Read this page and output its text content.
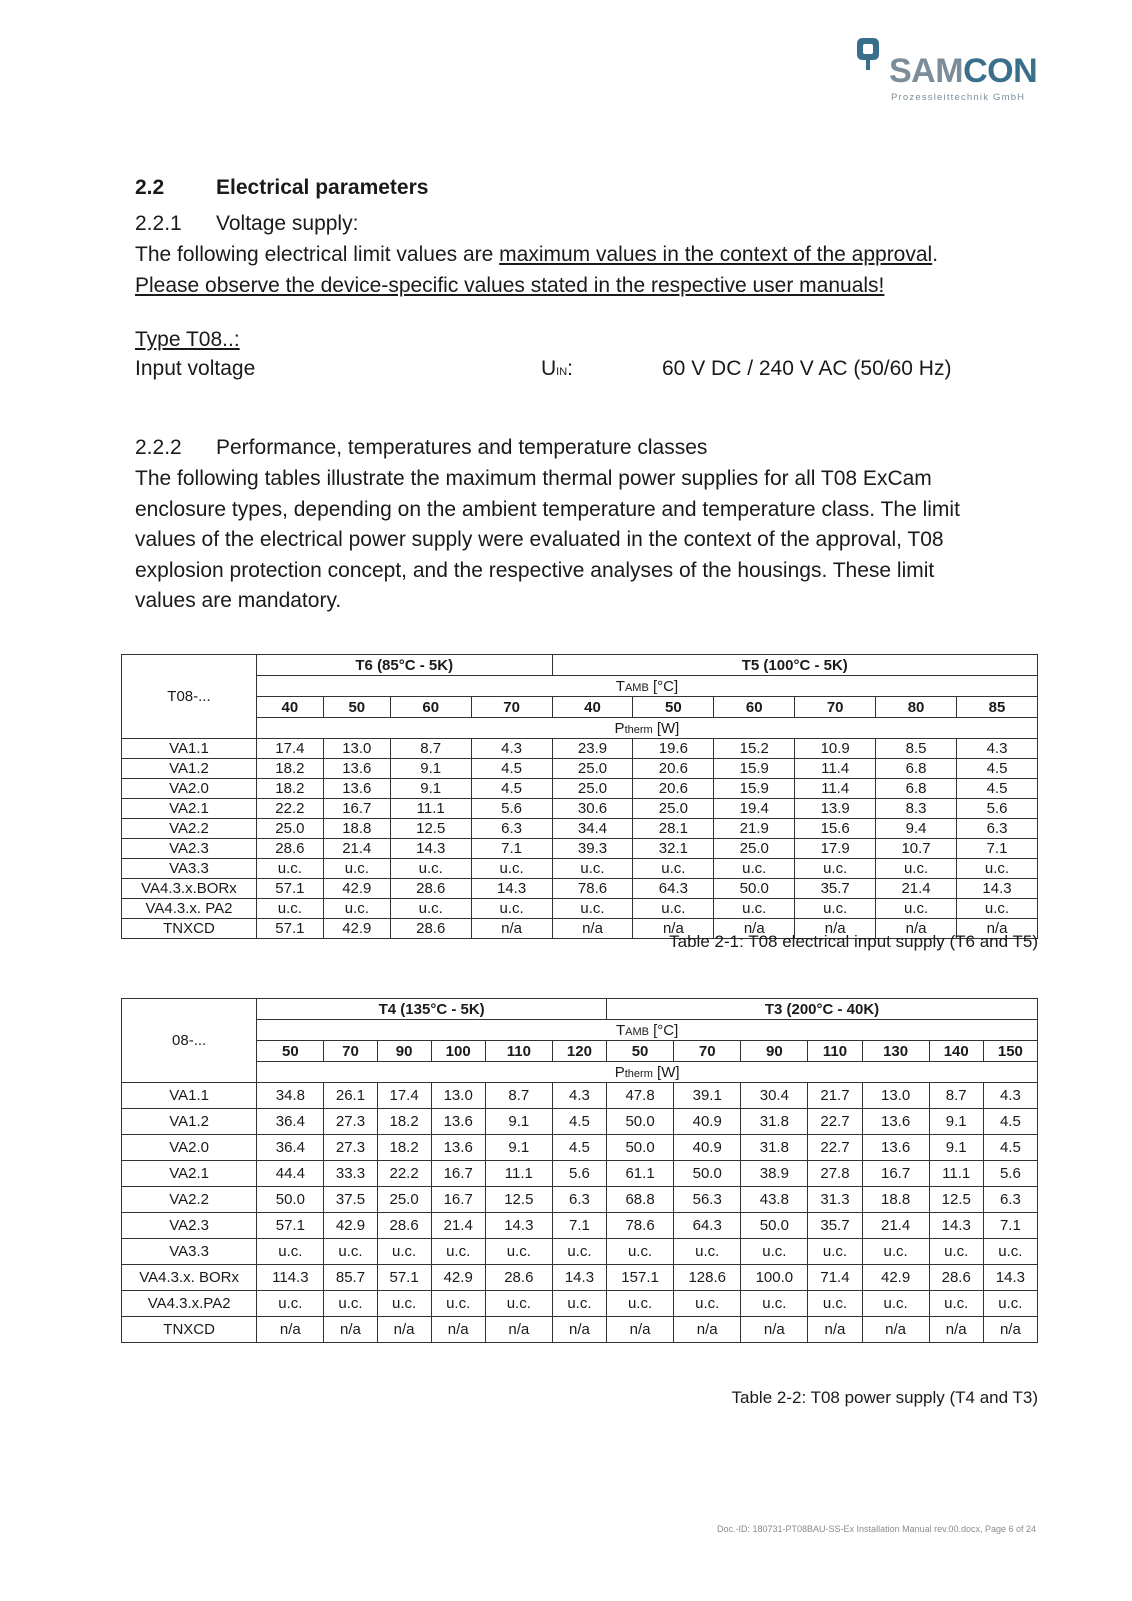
SAMCON
Prozessleittechnik GmbH
2.2 Electrical parameters
2.2.1 Voltage supply:
The following electrical limit values are maximum values in the context of the approval.
Please observe the device-specific values stated in the respective user manuals!
Type T08..:
Input voltage	UIN:	60 V DC / 240 V AC (50/60 Hz)
2.2.2 Performance, temperatures and temperature classes
The following tables illustrate the maximum thermal power supplies for all T08 ExCam
enclosure types, depending on the ambient temperature and temperature class. The limit
values of the electrical power supply were evaluated in the context of the approval, T08
explosion protection concept, and the respective analyses of the housings. These limit
values are mandatory.
T08-...	T6 (85°C - 5K)				T5 (100°C - 5K)					
	TAMB [°C]									
	40	50	60	70	40	50	60	70	80	85
	Ptherm [W]									

VA1.1	17.4	13.0	8.7	4.3	23.9	19.6	15.2	10.9	8.5	4.3
VA1.2	18.2	13.6	9.1	4.5	25.0	20.6	15.9	11.4	6.8	4.5
VA2.0	18.2	13.6	9.1	4.5	25.0	20.6	15.9	11.4	6.8	4.5
VA2.1	22.2	16.7	11.1	5.6	30.6	25.0	19.4	13.9	8.3	5.6
VA2.2	25.0	18.8	12.5	6.3	34.4	28.1	21.9	15.6	9.4	6.3
VA2.3	28.6	21.4	14.3	7.1	39.3	32.1	25.0	17.9	10.7	7.1
VA3.3	u.c.	u.c.	u.c.	u.c.	u.c.	u.c.	u.c.	u.c.	u.c.	u.c.
VA4.3.x.BORx	57.1	42.9	28.6	14.3	78.6	64.3	50.0	35.7	21.4	14.3
VA4.3.x. PA2	u.c.	u.c.	u.c.	u.c.	u.c.	u.c.	u.c.	u.c.	u.c.	u.c.
TNXCD	57.1	42.9	28.6	n/a	n/a	n/a	n/a	n/a	n/a	n/a
Table 2-1: T08 electrical input supply (T6 and T5)
08-...	T4 (135°C - 5K)						T3 (200°C - 40K)						
	TAMB [°C]												
	50	70	90	100	110	120	50	70	90	110	130	140	150
	Ptherm [W]												

VA1.1	34.8	26.1	17.4	13.0	8.7	4.3	47.8	39.1	30.4	21.7	13.0	8.7	4.3
VA1.2	36.4	27.3	18.2	13.6	9.1	4.5	50.0	40.9	31.8	22.7	13.6	9.1	4.5
VA2.0	36.4	27.3	18.2	13.6	9.1	4.5	50.0	40.9	31.8	22.7	13.6	9.1	4.5
VA2.1	44.4	33.3	22.2	16.7	11.1	5.6	61.1	50.0	38.9	27.8	16.7	11.1	5.6
VA2.2	50.0	37.5	25.0	16.7	12.5	6.3	68.8	56.3	43.8	31.3	18.8	12.5	6.3
VA2.3	57.1	42.9	28.6	21.4	14.3	7.1	78.6	64.3	50.0	35.7	21.4	14.3	7.1
VA3.3	u.c.	u.c.	u.c.	u.c.	u.c.	u.c.	u.c.	u.c.	u.c.	u.c.	u.c.	u.c.	u.c.
VA4.3.x. BORx	114.3	85.7	57.1	42.9	28.6	14.3	157.1	128.6	100.0	71.4	42.9	28.6	14.3
VA4.3.x.PA2	u.c.	u.c.	u.c.	u.c.	u.c.	u.c.	u.c.	u.c.	u.c.	u.c.	u.c.	u.c.	u.c.
TNXCD	n/a	n/a	n/a	n/a	n/a	n/a	n/a	n/a	n/a	n/a	n/a	n/a	n/a
Table 2-2: T08 power supply (T4 and T3)
Doc.-ID: 180731-PT08BAU-SS-Ex Installation Manual rev.00.docx, Page 6 of 24
